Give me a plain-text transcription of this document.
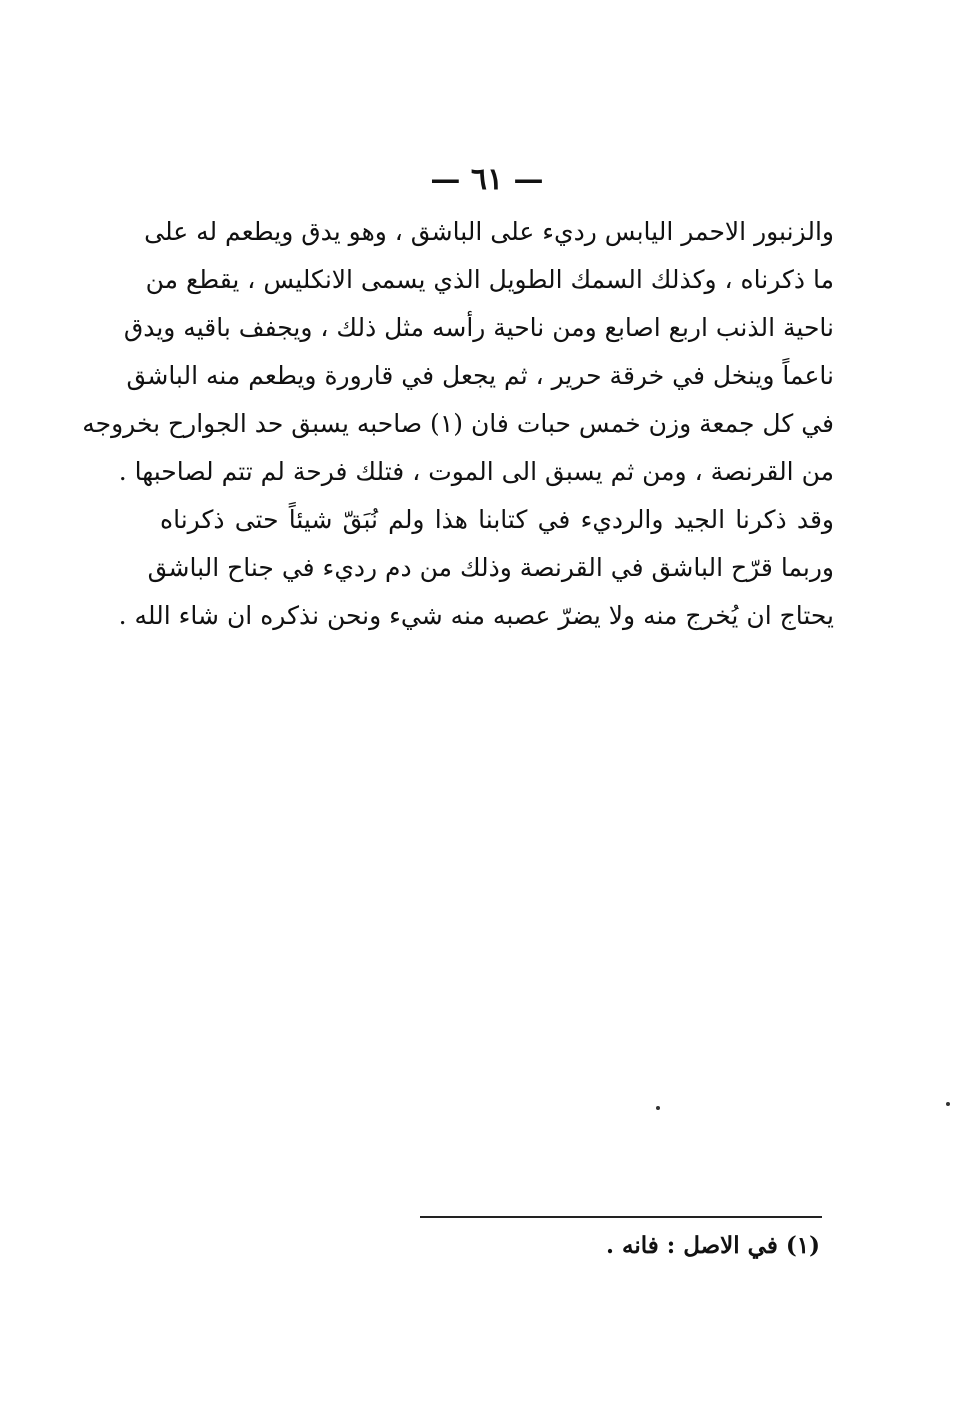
— ٦١ —
والزنبور الاحمر اليابس رديء على الباشق ، وهو يدق ويطعم له على
ما ذكرناه ، وكذلك السمك الطويل الذي يسمى الانكليس ، يقطع من
ناحية الذنب اربع اصابع ومن ناحية رأسه مثل ذلك ، ويجفف باقيه ويدق
ناعماً وينخل في خرقة حرير ، ثم يجعل في قارورة ويطعم منه الباشق
في كل جمعة وزن خمس حبات فان (١) صاحبه يسبق حد الجوارح بخروجه
من القرنصة ، ومن ثم يسبق الى الموت ، فتلك فرحة لم تتم لصاحبها .
وقد ذكرنا الجيد والرديء في كتابنا هذا ولم نُبَقّ شيئاً حتى ذكرناه
وربما قرّح الباشق في القرنصة وذلك من دم رديء في جناح الباشق
يحتاج ان يُخرج منه ولا يضرّ عصبه منه شيء ونحن نذكره ان شاء الله .
(١) في الاصل : فانه .
